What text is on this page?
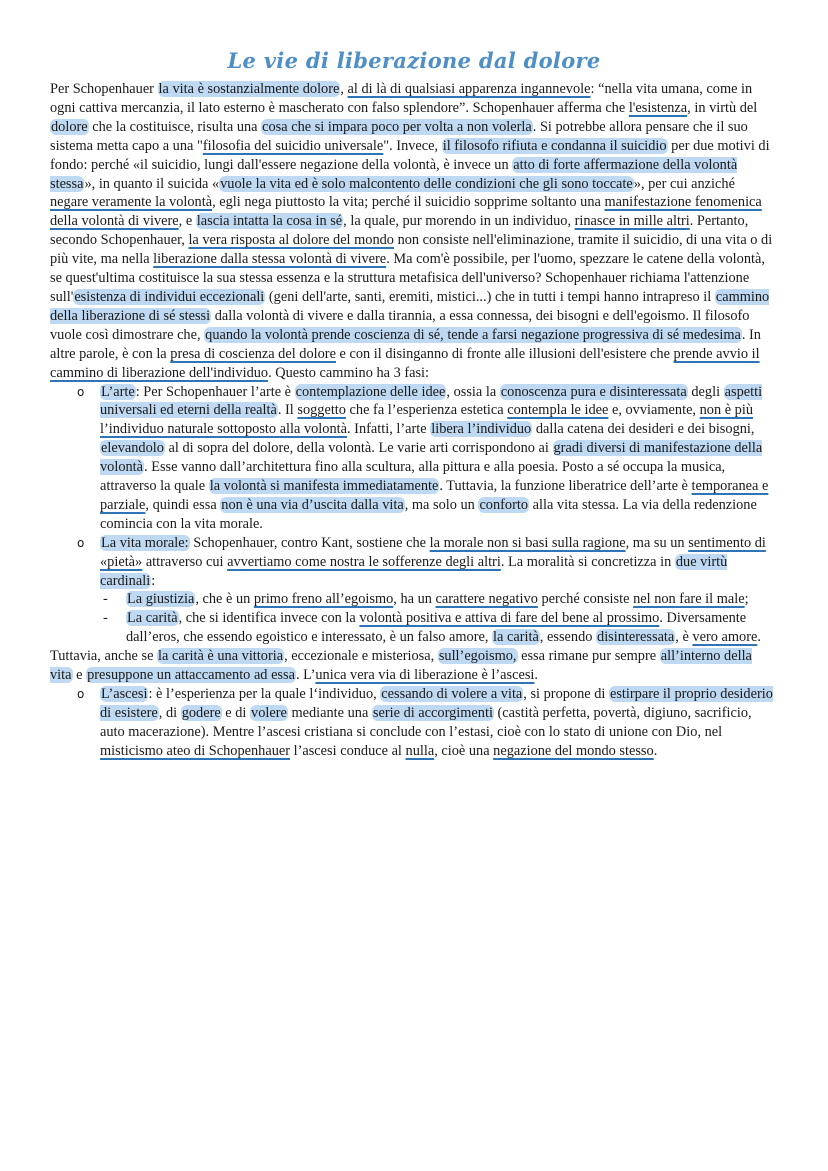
Le vie di liberazione dal dolore

Per Schopenhauer la vita è sostanzialmente dolore, al di là di qualsiasi apparenza ingannevole: “nella vita umana, come in ogni cattiva mercanzia, il lato esterno è mascherato con falso splendore”. Schopenhauer afferma che l'esistenza, in virtù del dolore che la costituisce, risulta una cosa che si impara poco per volta a non volerla. Si potrebbe allora pensare che il suo sistema metta capo a una "filosofia del suicidio universale". Invece, il filosofo rifiuta e condanna il suicidio per due motivi di fondo: perché «il suicidio, lungi dall'essere negazione della volontà, è invece un atto di forte affermazione della volontà stessa», in quanto il suicida «vuole la vita ed è solo malcontento delle condizioni che gli sono toccate», per cui anziché negare veramente la volontà, egli nega piuttosto la vita; perché il suicidio sopprime soltanto una manifestazione fenomenica della volontà di vivere, e lascia intatta la cosa in sé, la quale, pur morendo in un individuo, rinasce in mille altri. Pertanto, secondo Schopenhauer, la vera risposta al dolore del mondo non consiste nell'eliminazione, tramite il suicidio, di una vita o di più vite, ma nella liberazione dalla stessa volontà di vivere. Ma com'è possibile, per l'uomo, spezzare le catene della volontà, se quest'ultima costituisce la sua stessa essenza e la struttura metafisica dell'universo? Schopenhauer richiama l'attenzione sull'esistenza di individui eccezionali (geni dell'arte, santi, eremiti, mistici...) che in tutti i tempi hanno intrapreso il cammino della liberazione di sé stessi dalla volontà di vivere e dalla tirannia, a essa connessa, dei bisogni e dell'egoismo. Il filosofo vuole così dimostrare che, quando la volontà prende coscienza di sé, tende a farsi negazione progressiva di sé medesima. In altre parole, è con la presa di coscienza del dolore e con il disinganno di fronte alle illusioni dell'esistere che prende avvio il cammino di liberazione dell'individuo. Questo cammino ha 3 fasi:

o L’arte: Per Schopenhauer l’arte è contemplazione delle idee, ossia la conoscenza pura e disinteressata degli aspetti universali ed eterni della realtà. Il soggetto che fa l’esperienza estetica contempla le idee e, ovviamente, non è più l’individuo naturale sottoposto alla volontà. Infatti, l’arte libera l’individuo dalla catena dei desideri e dei bisogni, elevandolo al di sopra del dolore, della volontà. Le varie arti corrispondono ai gradi diversi di manifestazione della volontà. Esse vanno dall’architettura fino alla scultura, alla pittura e alla poesia. Posto a sé occupa la musica, attraverso la quale la volontà si manifesta immediatamente. Tuttavia, la funzione liberatrice dell’arte è temporanea e parziale, quindi essa non è una via d’uscita dalla vita, ma solo un conforto alla vita stessa. La via della redenzione comincia con la vita morale.
o La vita morale: Schopenhauer, contro Kant, sostiene che la morale non si basi sulla ragione, ma su un sentimento di «pietà» attraverso cui avvertiamo come nostra le sofferenze degli altri. La moralità si concretizza in due virtù cardinali:
- La giustizia, che è un primo freno all’egoismo, ha un carattere negativo perché consiste nel non fare il male;
- La carità, che si identifica invece con la volontà positiva e attiva di fare del bene al prossimo. Diversamente dall’eros, che essendo egoistico e interessato, è un falso amore, la carità, essendo disinteressata, è vero amore.

Tuttavia, anche se la carità è una vittoria, eccezionale e misteriosa, sull’egoismo, essa rimane pur sempre all’interno della vita e presuppone un attaccamento ad essa. L’unica vera via di liberazione è l’ascesi.

o L’ascesi: è l’esperienza per la quale l‘individuo, cessando di volere a vita, si propone di estirpare il proprio desiderio di esistere, di godere e di volere mediante una serie di accorgimenti (castità perfetta, povertà, digiuno, sacrificio, auto macerazione). Mentre l’ascesi cristiana si conclude con l’estasi, cioè con lo stato di unione con Dio, nel misticismo ateo di Schopenhauer l’ascesi conduce al nulla, cioè una negazione del mondo stesso.
